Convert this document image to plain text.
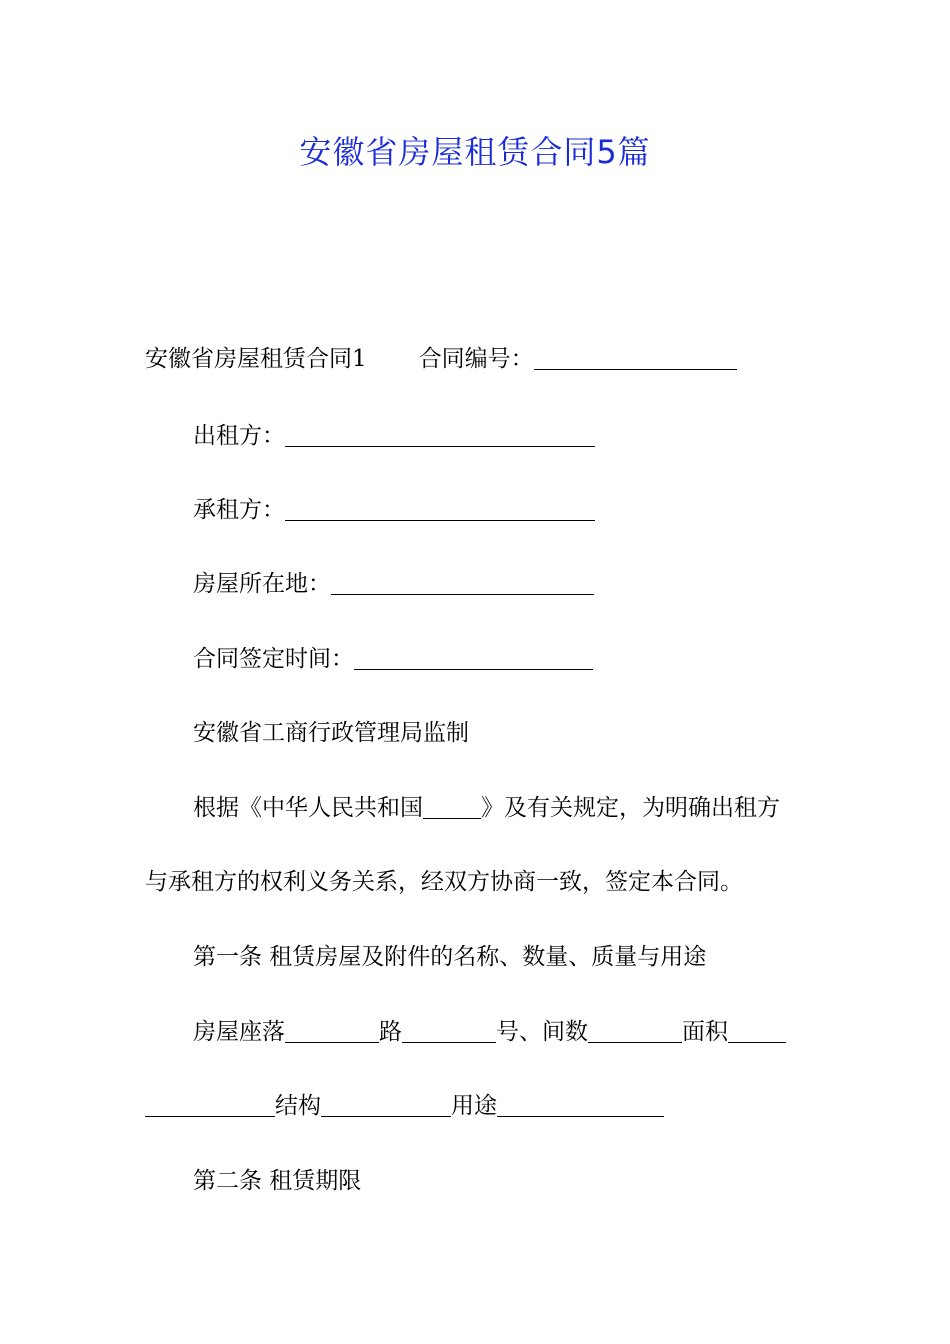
安徽省房屋租赁合同5篇
安徽省房屋租赁合同1 合同编号：
出租方：
承租方：
房屋所在地：
合同签定时间：
安徽省工商行政管理局监制
根据《中华人民共和国	》及有关规定，为明确出租方
与承租方的权利义务关系，经双方协商一致，签定本合同。
第一条 租赁房屋及附件的名称、数量、质量与用途
房屋座落	路	号、间数	面积
结构	用途
第二条 租赁期限
